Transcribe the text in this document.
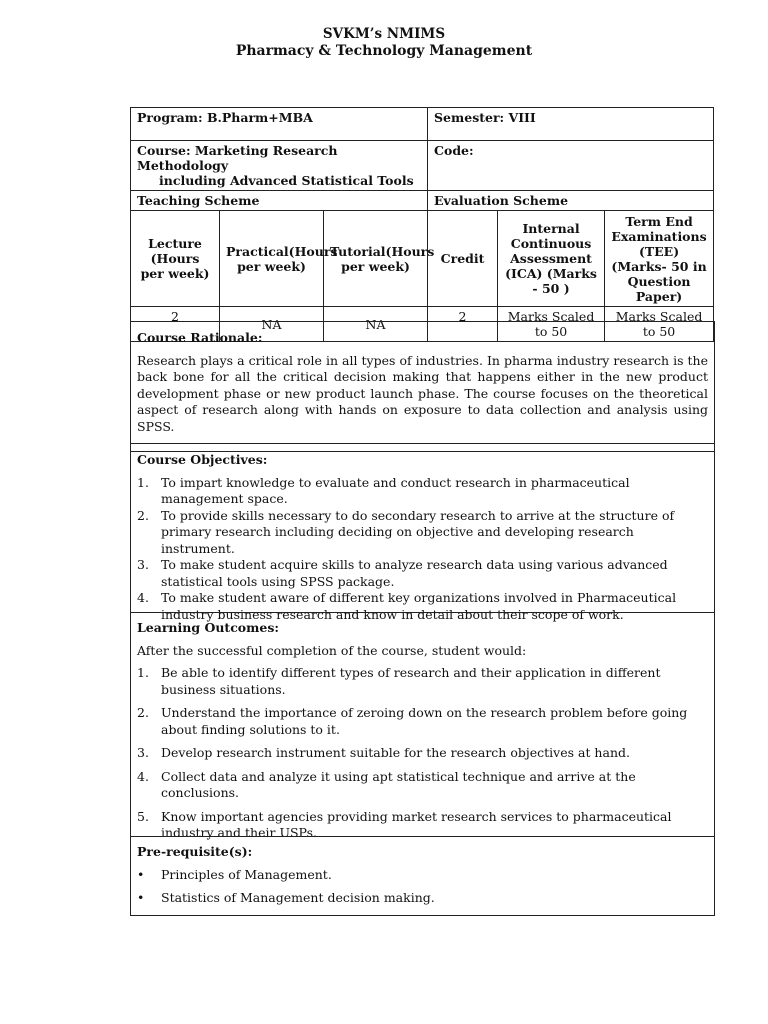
SVKM’s NMIMS
Pharmacy & Technology Management
Program: B.Pharm+MBA			Semester: VIII		
Course: Marketing Research Methodology
including Advanced Statistical Tools			Code:		
Teaching Scheme			Evaluation Scheme		
Lecture (Hours per week)	Practical(Hours per week)	Tutorial(Hours per week)	Credit	Internal Continuous Assessment (ICA) (Marks - 50 )	Term End Examinations (TEE) (Marks- 50 in Question Paper)
2	NA	NA	2	Marks Scaled to 50	Marks Scaled to 50
Course Rationale:

Research plays a critical role in all types of industries. In pharma industry research is the back bone for all the critical decision making that happens either in the new product development phase or new product launch phase. The course focuses on the theoretical aspect of research along with hands on exposure to data collection and analysis using SPSS.

Course Objectives:
1. To impart knowledge to evaluate and conduct research in pharmaceutical management space.
2. To provide skills necessary to do secondary research to arrive at the structure of primary research including deciding on objective and developing research instrument.
3. To make student acquire skills to analyze research data using various advanced statistical tools using SPSS package.
4. To make student aware of different key organizations involved in Pharmaceutical industry business research and know in detail about their scope of work.
Learning Outcomes:

After the successful completion of the course, student would:

1. Be able to identify different types of research and their application in different business situations.
2. Understand the importance of zeroing down on the research problem before going about finding solutions to it.
3. Develop research instrument suitable for the research objectives at hand.
4. Collect data and analyze it using apt statistical technique and arrive at the conclusions.
5. Know important agencies providing market research services to pharmaceutical industry and their USPs.
Pre-requisite(s):
• Principles of Management.
• Statistics of Management decision making.
